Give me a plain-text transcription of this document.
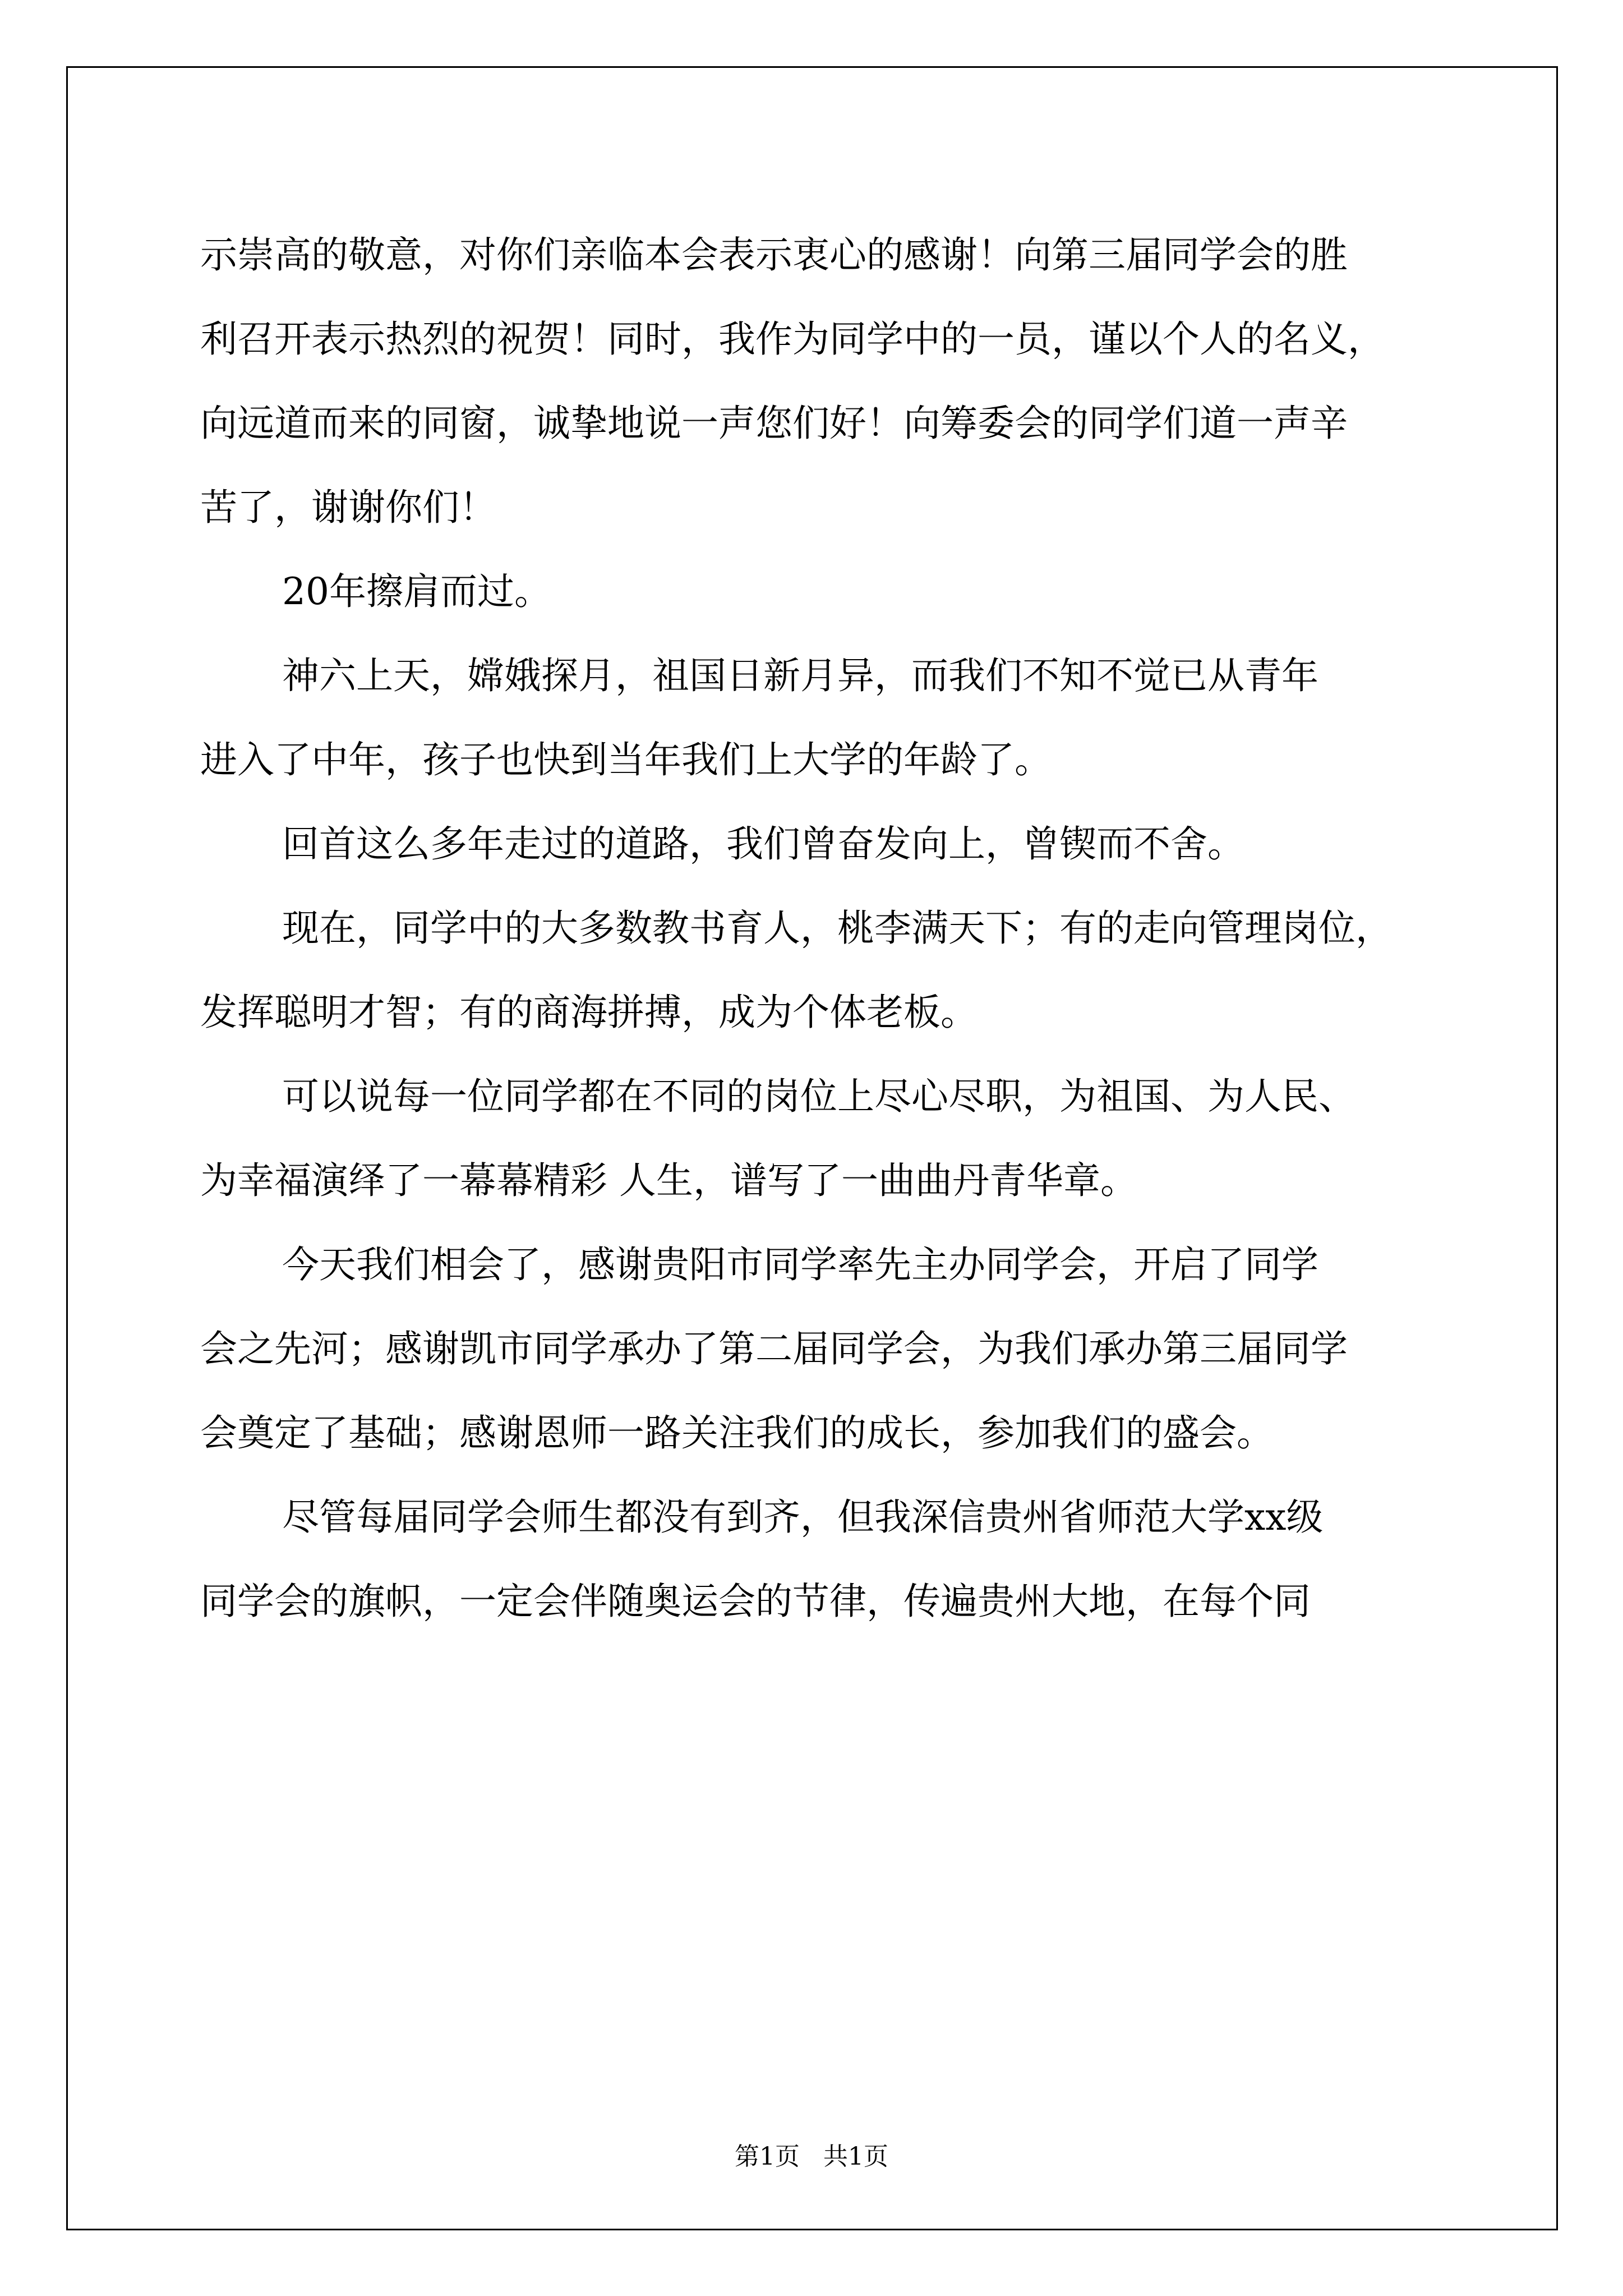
示崇高的敬意，对你们亲临本会表示衷心的感谢！向第三届同学会的胜
利召开表示热烈的祝贺！同时，我作为同学中的一员，谨以个人的名义，
向远道而来的同窗，诚挚地说一声您们好！向筹委会的同学们道一声辛
苦了，谢谢你们！
20年擦肩而过。
神六上天，嫦娥探月，祖国日新月异，而我们不知不觉已从青年
进入了中年，孩子也快到当年我们上大学的年龄了。
回首这么多年走过的道路，我们曾奋发向上，曾锲而不舍。
现在，同学中的大多数教书育人，桃李满天下；有的走向管理岗位，
发挥聪明才智；有的商海拼搏，成为个体老板。
可以说每一位同学都在不同的岗位上尽心尽职，为祖国、为人民、
为幸福演绎了一幕幕精彩 人生，谱写了一曲曲丹青华章。
今天我们相会了，感谢贵阳市同学率先主办同学会，开启了同学
会之先河；感谢凯市同学承办了第二届同学会，为我们承办第三届同学
会奠定了基础；感谢恩师一路关注我们的成长，参加我们的盛会。
尽管每届同学会师生都没有到齐，但我深信贵州省师范大学xx级
同学会的旗帜，一定会伴随奥运会的节律，传遍贵州大地，在每个同
第1页   共1页
